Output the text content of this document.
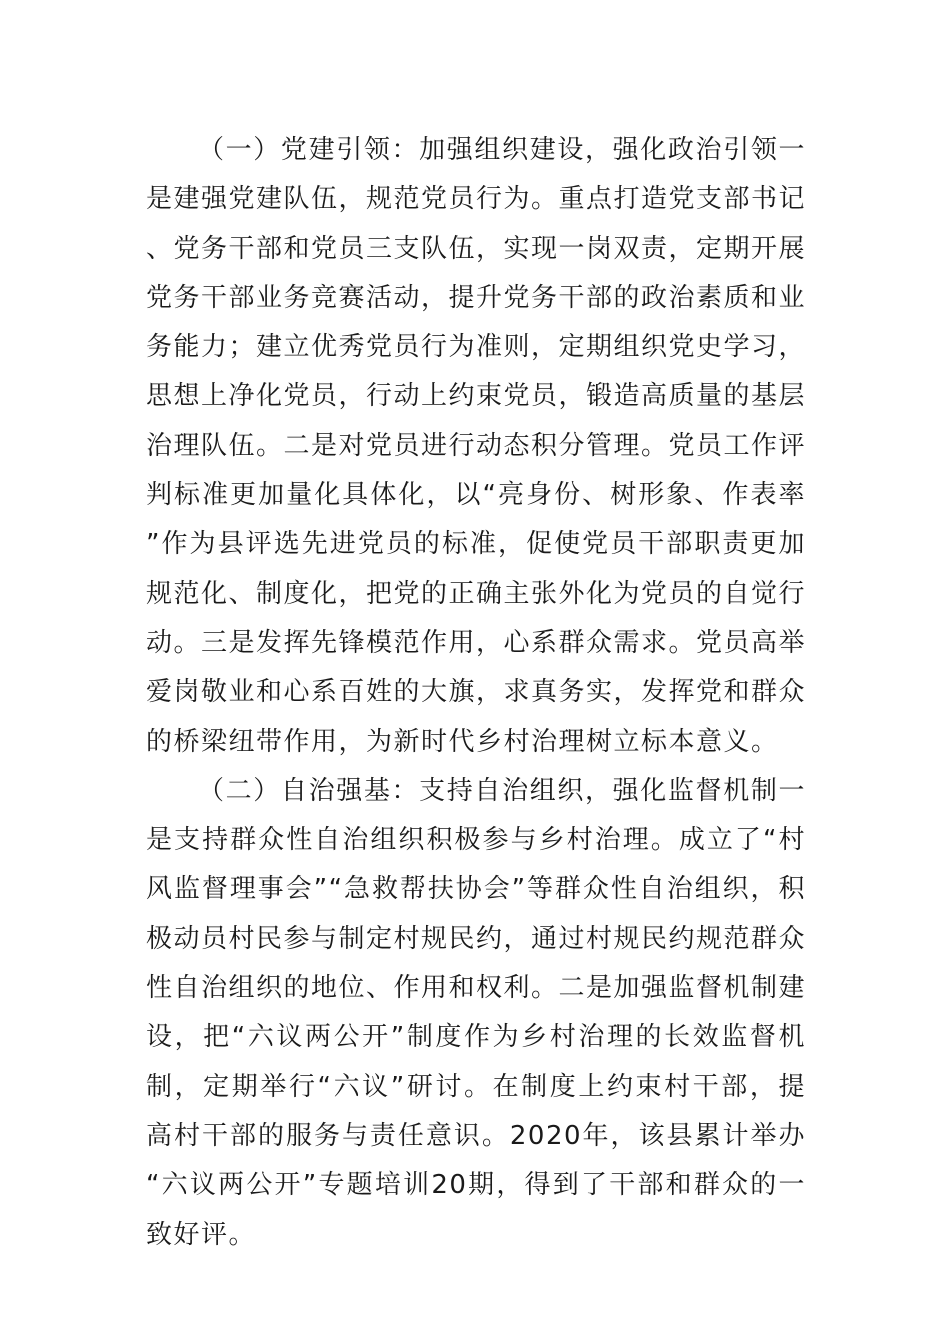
（一）党建引领：加强组织建设，强化政治引领一是建强党建队伍，规范党员行为。重点打造党支部书记、党务干部和党员三支队伍，实现一岗双责，定期开展党务干部业务竞赛活动，提升党务干部的政治素质和业务能力；建立优秀党员行为准则，定期组织党史学习，思想上净化党员，行动上约束党员，锻造高质量的基层治理队伍。二是对党员进行动态积分管理。党员工作评判标准更加量化具体化，以“亮身份、树形象、作表率”作为县评选先进党员的标准，促使党员干部职责更加规范化、制度化，把党的正确主张外化为党员的自觉行动。三是发挥先锋模范作用，心系群众需求。党员高举爱岗敬业和心系百姓的大旗，求真务实，发挥党和群众的桥梁纽带作用，为新时代乡村治理树立标本意义。

（二）自治强基：支持自治组织，强化监督机制一是支持群众性自治组织积极参与乡村治理。成立了“村风监督理事会”“急救帮扶协会”等群众性自治组织，积极动员村民参与制定村规民约，通过村规民约规范群众性自治组织的地位、作用和权利。二是加强监督机制建设，把“六议两公开”制度作为乡村治理的长效监督机制，定期举行“六议”研讨。在制度上约束村干部，提高村干部的服务与责任意识。2020年，该县累计举办“六议两公开”专题培训20期，得到了干部和群众的一致好评。
